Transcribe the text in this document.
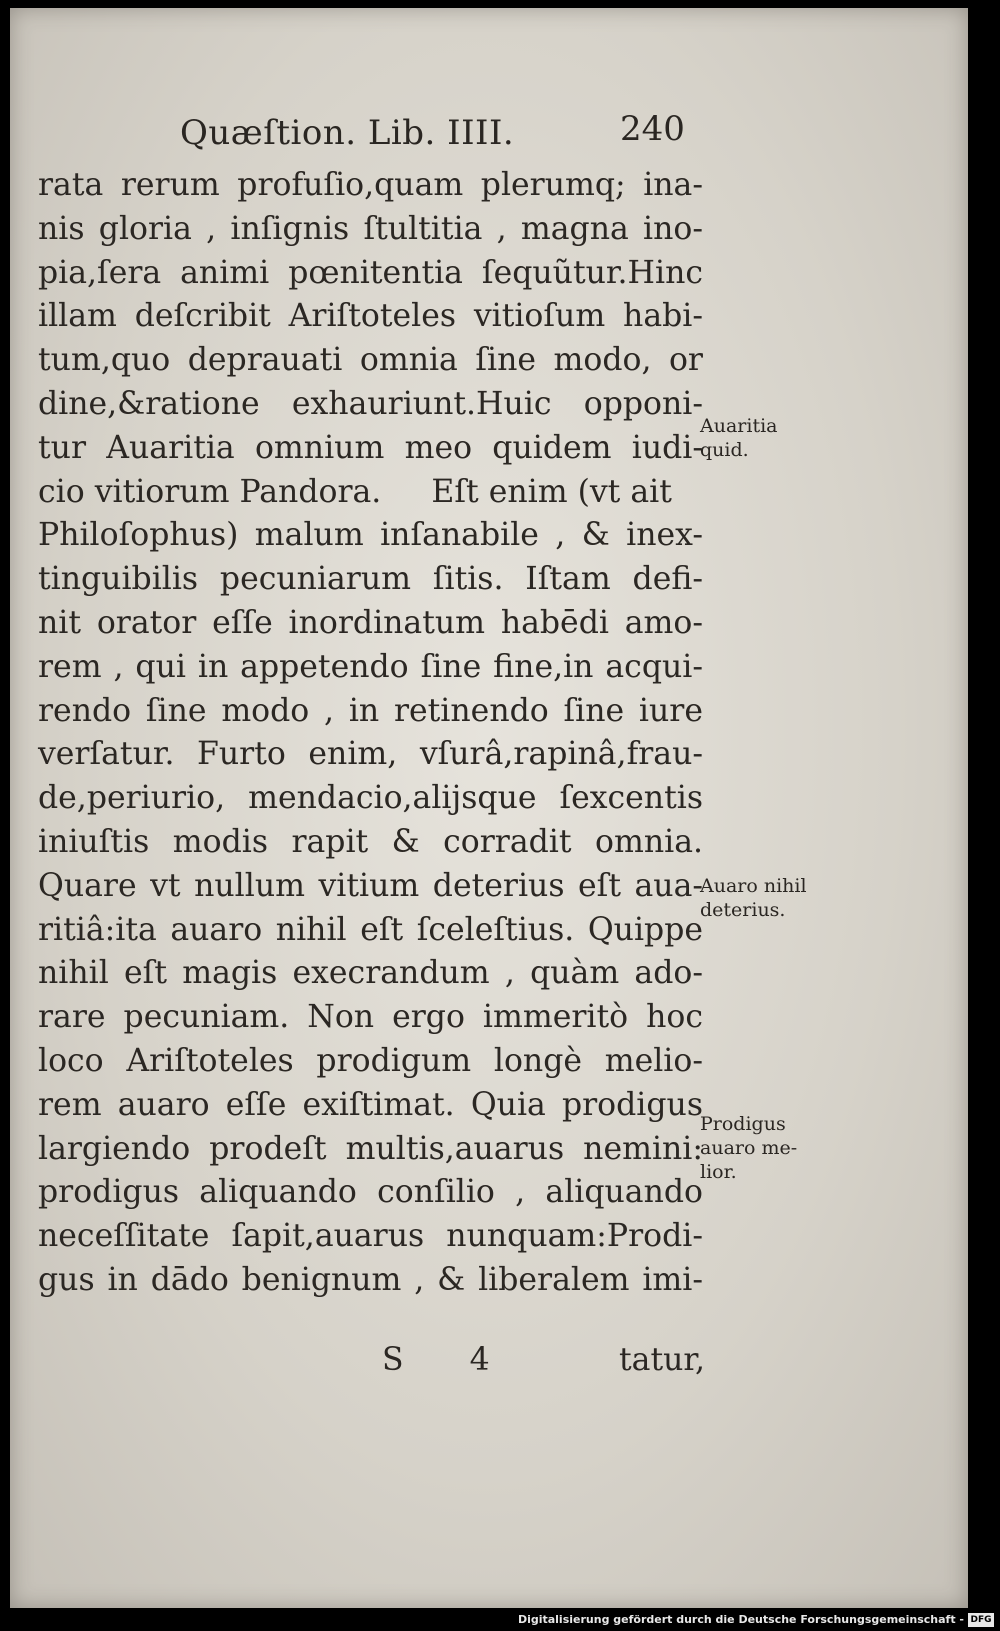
Quæſtion. Lib. IIII.	240
rata rerum profuſio,quam plerumq; ina-
nis gloria , inſignis ſtultitia , magna ino-
pia,ſera animi pœnitentia ſequũtur.Hinc
illam deſcribit Ariſtoteles vitioſum habi-
tum,quo deprauati omnia ſine modo, or
dine,&ratione exhauriunt.Huic opponi-
tur Auaritia omnium meo quidem iudi-
cio vitiorum Pandora.     Eſt enim (vt ait
Philoſophus) malum inſanabile , & inex-
tinguibilis pecuniarum ſitis. Iſtam defi-
nit orator eſſe inordinatum habēdi amo-
rem , qui in appetendo ſine fine,in acqui-
rendo ſine modo , in retinendo ſine iure
verſatur. Furto enim, vſurâ,rapinâ,frau-
de,periurio, mendacio,alijsque ſexcentis
iniuſtis modis rapit & corradit omnia.
Quare vt nullum vitium deterius eſt aua-
ritiâ:ita auaro nihil eſt ſceleſtius. Quippe
nihil eſt magis execrandum , quàm ado-
rare pecuniam. Non ergo immeritò hoc
loco Ariſtoteles prodigum longè melio-
rem auaro eſſe exiſtimat. Quia prodigus
largiendo prodeſt multis,auarus nemini:
prodigus aliquando conſilio , aliquando
neceſſitate ſapit,auarus nunquam:Prodi-
gus in dādo benignum , & liberalem imi-
Auaritia
quid.
Auaro nihil
deterius.
Prodigus
auaro me-
lior.
S 4	tatur,
Digitalisierung gefördert durch die Deutsche Forschungsgemeinschaft - DFG
